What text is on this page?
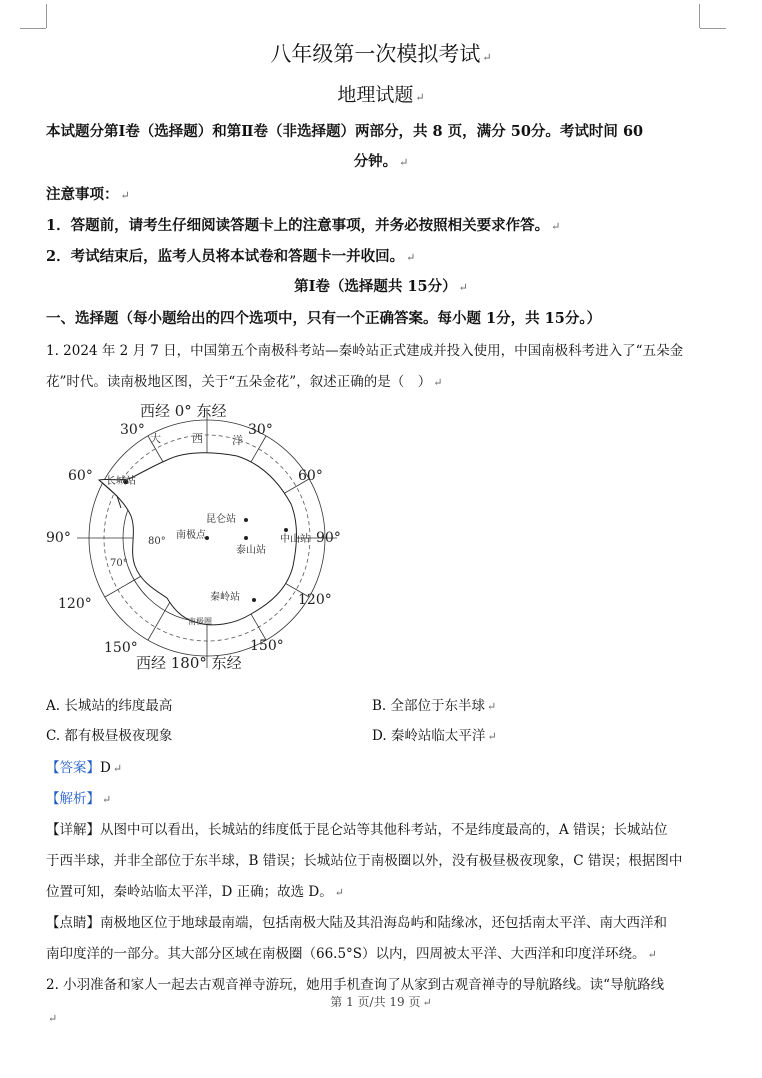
八年级第一次模拟考试 ↵
地理试题 ↵
本试题分第Ⅰ卷（选择题）和第Ⅱ卷（非选择题）两部分，共 8 页，满分 50分。考试时间 60
分钟。 ↵
注意事项： ↵
1．答题前，请考生仔细阅读答题卡上的注意事项，并务必按照相关要求作答。 ↵
2．考试结束后，监考人员将本试卷和答题卡一并收回。 ↵
第Ⅰ卷（选择题共 15分） ↵
一、选择题（每小题给出的四个选项中，只有一个正确答案。每小题 1分，共 15分。）
1. 2024 年 2 月 7 日，中国第五个南极科考站—秦岭站正式建成并投入使用，中国南极科考进入了“五朵金
花”时代。读南极地区图，关于“五朵金花”，叙述正确的是（　） ↵
西经 0° 东经
西经 180° 东经
30°	30°
60°	60°
90°	90°
120°	120°
150°	150°
大	西	洋
80°
70°
长城站
昆仑站
中山站
泰山站
南极点
秦岭站
南极圈
A. 长城站的纬度最高	B. 全部位于东半球 ↵
C. 都有极昼极夜现象	D. 秦岭站临太平洋 ↵
【答案】D ↵
【解析】 ↵
【详解】从图中可以看出，长城站的纬度低于昆仑站等其他科考站，不是纬度最高的，A 错误；长城站位
于西半球，并非全部位于东半球，B 错误；长城站位于南极圈以外，没有极昼极夜现象，C 错误；根据图中
位置可知，秦岭站临太平洋，D 正确；故选 D。 ↵
【点睛】南极地区位于地球最南端，包括南极大陆及其沿海岛屿和陆缘冰，还包括南太平洋、南大西洋和
南印度洋的一部分。其大部分区域在南极圈（66.5°S）以内，四周被太平洋、大西洋和印度洋环绕。 ↵
2. 小羽准备和家人一起去古观音禅寺游玩，她用手机查询了从家到古观音禅寺的导航路线。读“导航路线
第 1 页/共 19 页 ↵
↵
